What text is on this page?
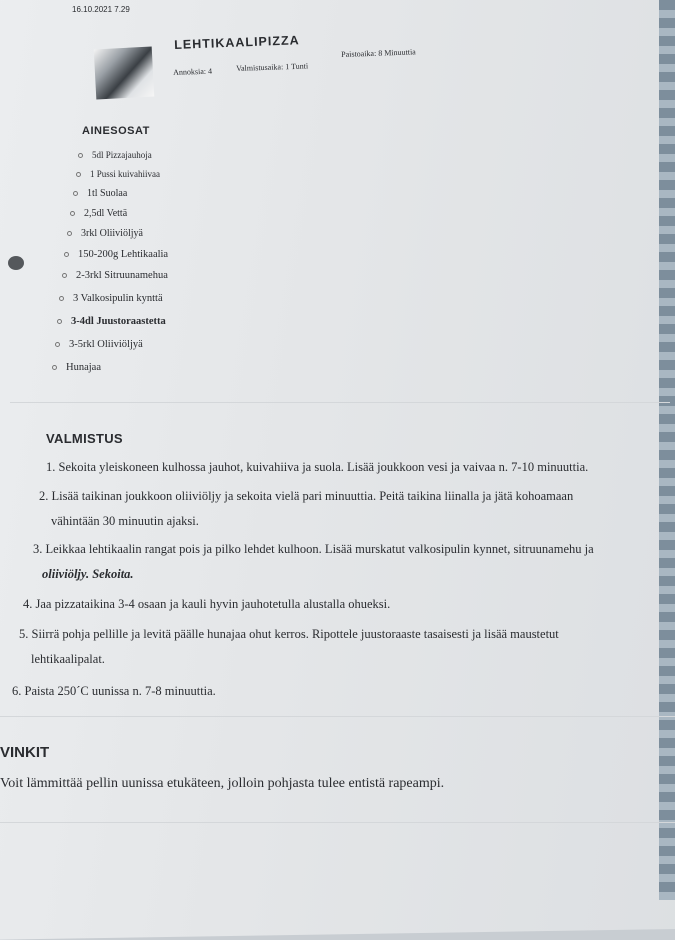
16.10.2021 7.29
LEHTIKAALIPIZZA
Annoksia: 4	Valmistusaika: 1 Tunti
Paistoaika: 8 Minuuttia
AINESOSAT
5dl Pizzajauhoja
1 Pussi kuivahiivaa
1tl Suolaa
2,5dl Vettä
3rkl Oliiviöljyä
150-200g Lehtikaalia
2-3rkl Sitruunamehua
3 Valkosipulin kynttä
3-4dl Juustoraastetta
3-5rkl Oliiviöljyä
Hunajaa
VALMISTUS
1. Sekoita yleiskoneen kulhossa jauhot, kuivahiiva ja suola. Lisää joukkoon vesi ja vaivaa n. 7-10 minuuttia.
2. Lisää taikinan joukkoon oliiviöljy ja sekoita vielä pari minuuttia. Peitä taikina liinalla ja jätä kohoamaan
vähintään 30 minuutin ajaksi.
3. Leikkaa lehtikaalin rangat pois ja pilko lehdet kulhoon. Lisää murskatut valkosipulin kynnet, sitruunamehu ja
oliiviöljy. Sekoita.
4. Jaa pizzataikina 3-4 osaan ja kauli hyvin jauhotetulla alustalla ohueksi.
5. Siirrä pohja pellille ja levitä päälle hunajaa ohut kerros. Ripottele juustoraaste tasaisesti ja lisää maustetut
lehtikaalipalat.
6. Paista 250´C uunissa n. 7-8 minuuttia.
VINKIT
Voit lämmittää pellin uunissa etukäteen, jolloin pohjasta tulee entistä rapeampi.
